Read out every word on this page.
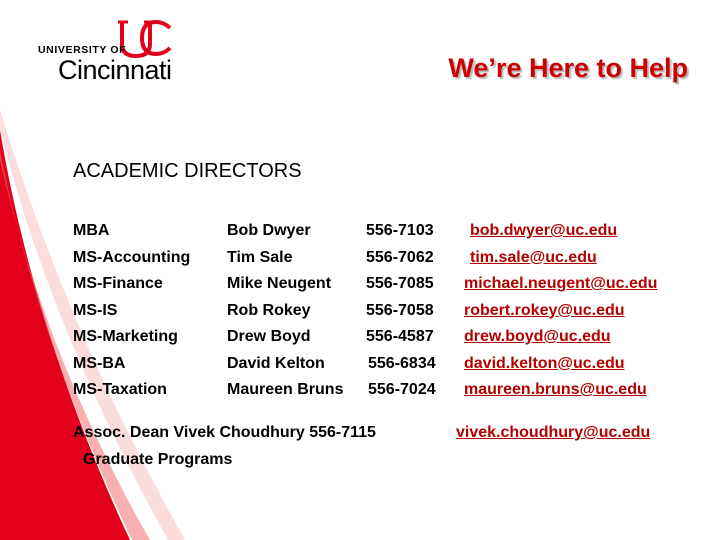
UNIVERSITY OF
Cincinnati	We’re Here to Help
ACADEMIC DIRECTORS
MBA
MS-Accounting
MS-Finance
MS-IS
MS-Marketing
MS-BA
MS-Taxation
Bob Dwyer
Tim Sale
Mike Neugent
Rob Rokey
Drew Boyd
David Kelton
Maureen Bruns
556-7103
556-7062
556-7085
556-7058
556-4587
556-6834
556-7024
bob.dwyer@uc.edu
tim.sale@uc.edu
michael.neugent@uc.edu
robert.rokey@uc.edu
drew.boyd@uc.edu
david.kelton@uc.edu
maureen.bruns@uc.edu
Assoc. Dean Vivek Choudhury 556-7115
Graduate Programs
vivek.choudhury@uc.edu
